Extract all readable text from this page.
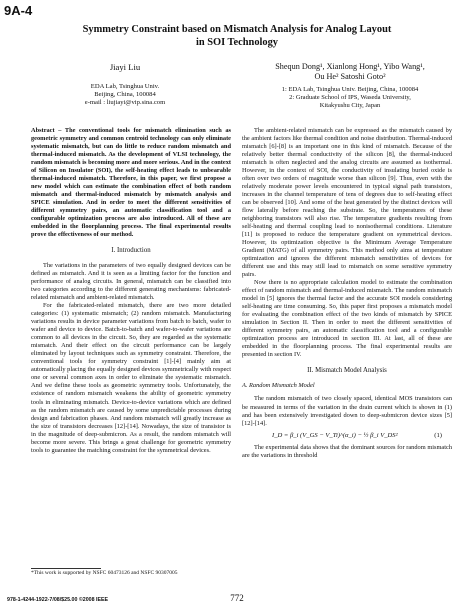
9A-4
Symmetry Constraint based on Mismatch Analysis for Analog Layout
in SOI Technology
Jiayi Liu
EDA Lab, Tsinghua Univ.
Beijing, China, 100084
e-mail : liujiayi@vip.sina.com
Shequn Dong¹, Xianlong Hong¹, Yibo Wang¹,
Ou He² Satoshi Goto²
1: EDA Lab, Tsinghua Univ. Beijing, China, 100084
2: Graduate School of IPS, Waseda University,
Kitakyushu City, Japan
Abstract – The conventional tools for mismatch elimination such as geometric symmetry and common centroid technology can only eliminate systematic mismatch, but can do little to reduce random mismatch and thermal-induced mismatch. As the development of VLSI technology, the random mismatch is becoming more and more serious. And in the context of Silicon on Insulator (SOI), the self-heating effect leads to unbearable thermal-induced mismatch. Therefore, in this paper, we first propose a new model which can estimate the combination effect of both random mismatch and thermal-induced mismatch by mismatch analysis and SPICE simulation. And in order to meet the different sensitivities of different symmetry pairs, an automatic classification tool and a configurable optimization process are also introduced. All of these are embedded in the floorplanning process. The final experimental results prove the effectiveness of our method.
I. Introduction
The variations in the parameters of two equally designed devices can be defined as mismatch. And it is seen as a limiting factor for the function and performance of analog circuits. In general, mismatch can be classified into two categories according to the different generating mechanisms: fabricated-related mismatch and ambient-related mismatch.
For the fabricated-related mismatch, there are two more detailed categories: (1) systematic mismatch; (2) random mismatch. Manufacturing variations results in device parameter variations from batch to batch, wafer to wafer and device to device. Batch-to-batch and wafer-to-wafer variations are common to all devices in the circuit. So, they are regarded as the systematic mismatch. And their effect on the circuit performance can be largely eliminated by layout techniques such as symmetry constraint. Therefore, the conventional tools for symmetry constraint [1]-[4] mainly aim at automatically placing the equally designed devices symmetrically with respect one or several common axes in order to eliminate the systematic mismatch. And we define these tools as geometric symmetry tools. Unfortunately, the existence of random mismatch weakens the ability of geometric symmetry tools in eliminating mismatch. Device-to-device variations which are defined as the random mismatch are caused by some unpredictable processes during design and fabrication phases. And random mismatch will greatly increase as the size of transistors decreases [12]-[14]. Nowadays, the size of transistor is in the magnitude of deep-submicron. As a result, the random mismatch will become more severe. This brings a great challenge for geometric symmetry tools to guarantee the matching constraint for the symmetrical devices.
The ambient-related mismatch can be expressed as the mismatch caused by the ambient factors like thermal condition and noise distribution. Thermal-induced mismatch [6]-[8] is an important one in this kind of mismatch. Because of the relatively better thermal conductivity of the silicon [8], the thermal-induced mismatch is often neglected and the analog circuits are assumed as isothermal. However, in the context of SOI, the conductivity of insulating buried oxide is often over two orders of magnitude worse than silicon [9]. Thus, even with the relatively moderate power levels encountered in typical signal path transistors, increases in the channel temperature of tens of degrees due to self-heating effect can be observed [10]. And some of the heat generated by the distinct devices will flow laterally before reaching the substrate. So, the temperatures of these neighboring transistors will also rise. The temperature gradients resulting from self-heating and thermal coupling lead to nonisothermal conditions. Literature [11] is proposed to reduce the temperature gradient on symmetrical devices. However, its optimization objective is the Minimum Average Temperature Gradient (MATG) of all symmetry pairs. This method only aims at temperature optimization and ignores the different mismatch sensitivities of devices for different use and this may still lead to mismatch on some sensitive symmetry pairs.
Now there is no appropriate calculation model to estimate the combination effect of random mismatch and thermal-induced mismatch. The random mismatch model in [5] ignores the thermal factor and the accurate SOI models considering self-heating are time consuming. So, this paper first proposes a mismatch model for evaluating the combination effect of the two kinds of mismatch by SPICE simulation in Section II. Then in order to meet the different sensitivities of different symmetry pairs, an automatic classification tool and a configurable optimization process are introduced in section III. At last, all of these are embedded in the floorplanning process. The final experimental results are presented in section IV.
II. Mismatch Model Analysis
A. Random Mismatch Model
The random mismatch of two closely spaced, identical MOS transistors can be measured in terms of the variation in the drain current which is shown in (1) and has been extensively investigated down to deep-submicron device sizes [5] [12]-[14].
I_D = β_i (V_GS − V_Ti)^(α_i) − ½ β_i V_DS²	(1)
The experimental data shows that the dominant sources for random mismatch are the variations in threshold
*This work is supported by NSFC 60473126 and NSFC 90307005
978-1-4244-1922-7/08/$25.00 ©2008 IEEE	772
